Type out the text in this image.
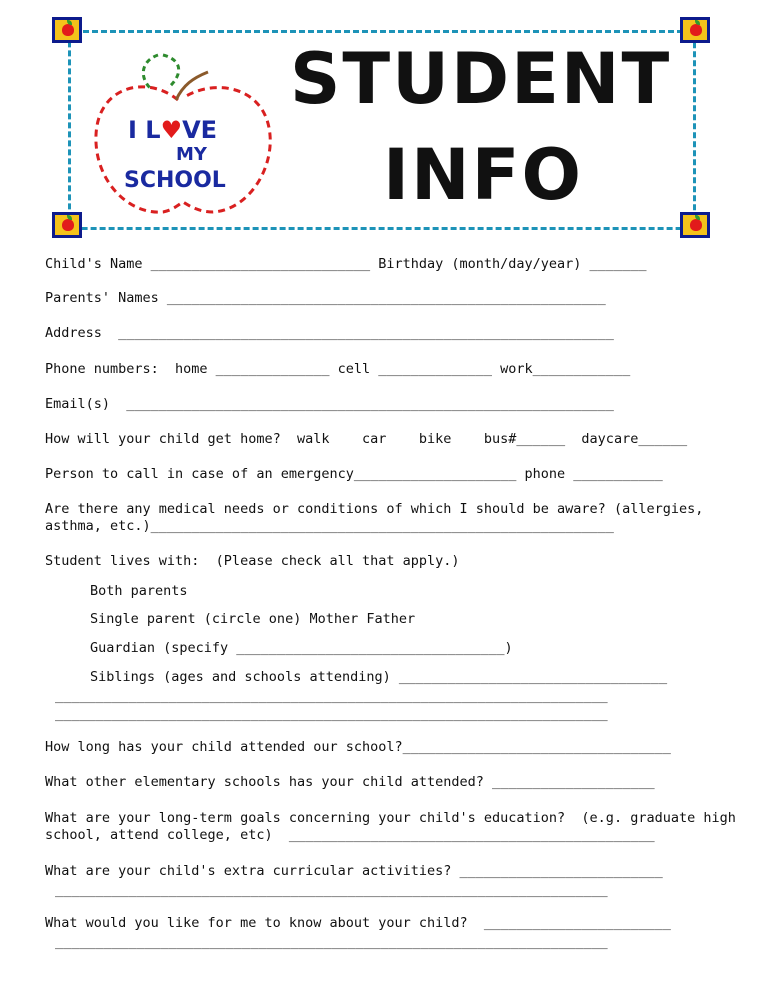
I L♥VE
MY
SCHOOL
STUDENT
INFO
Child's Name ___________________________ Birthday (month/day/year) _______
Parents' Names ______________________________________________________
Address  _____________________________________________________________
Phone numbers:  home ______________ cell ______________ work____________
Email(s)  ____________________________________________________________
How will your child get home?  walk    car    bike    bus#______  daycare______
Person to call in case of an emergency____________________ phone ___________
Are there any medical needs or conditions of which I should be aware? (allergies,
asthma, etc.)_________________________________________________________
Student lives with:  (Please check all that apply.)
Both parents
Single parent (circle one) Mother Father
Guardian (specify _________________________________)
Siblings (ages and schools attending) _________________________________
____________________________________________________________________
____________________________________________________________________
How long has your child attended our school?_________________________________
What other elementary schools has your child attended? ____________________
What are your long-term goals concerning your child's education?  (e.g. graduate high
school, attend college, etc)  _____________________________________________
What are your child's extra curricular activities? _________________________
____________________________________________________________________
What would you like for me to know about your child?  _______________________
____________________________________________________________________
